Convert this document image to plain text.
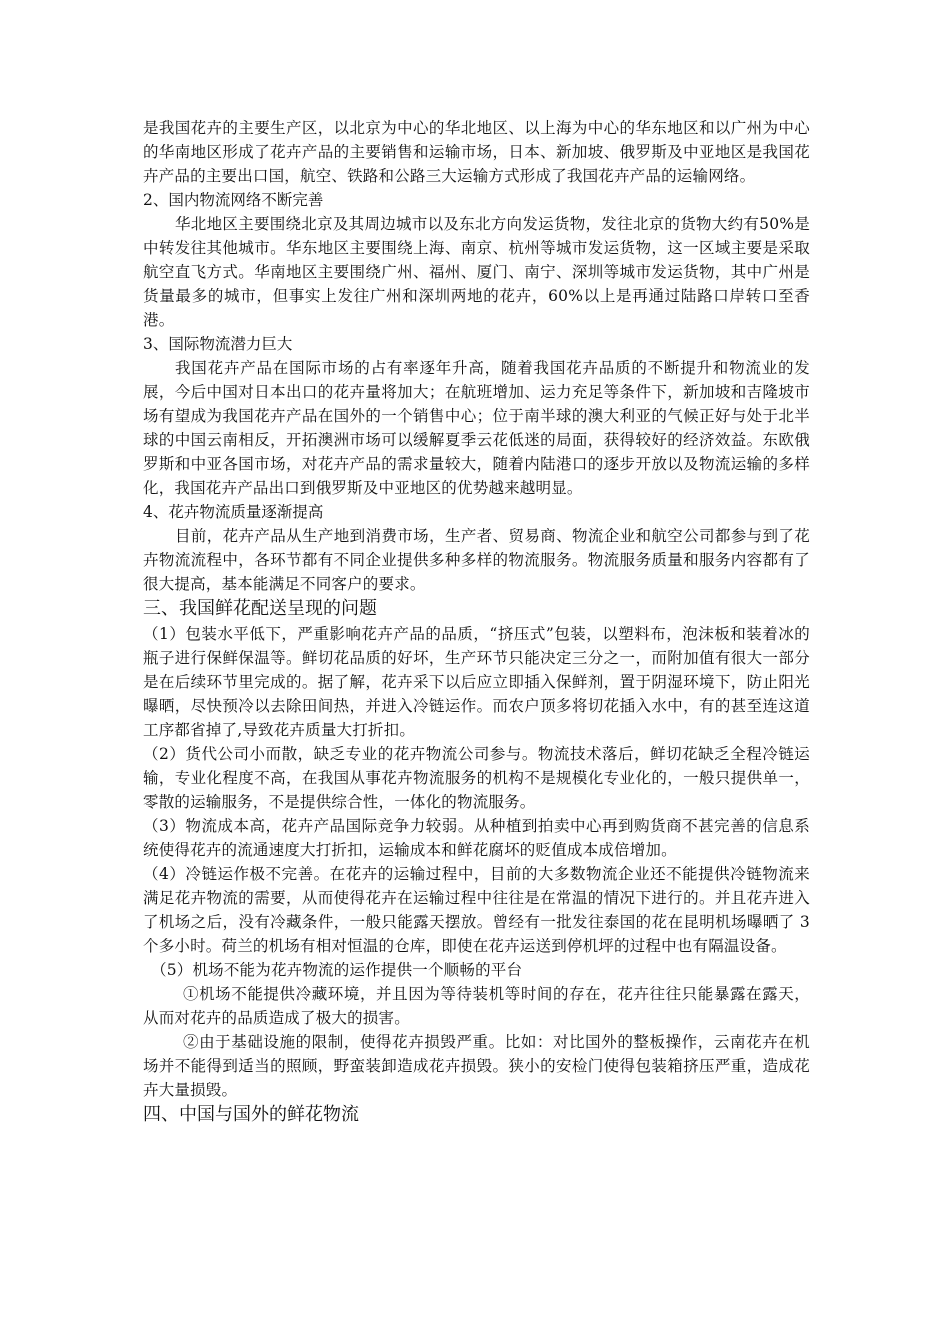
是我国花卉的主要生产区，以北京为中心的华北地区、以上海为中心的华东地区和以广州为中心的华南地区形成了花卉产品的主要销售和运输市场，日本、新加坡、俄罗斯及中亚地区是我国花卉产品的主要出口国，航空、铁路和公路三大运输方式形成了我国花卉产品的运输网络。

2、国内物流网络不断完善

华北地区主要围绕北京及其周边城市以及东北方向发运货物，发往北京的货物大约有50%是中转发往其他城市。华东地区主要围绕上海、南京、杭州等城市发运货物，这一区域主要是采取航空直飞方式。华南地区主要围绕广州、福州、厦门、南宁、深圳等城市发运货物，其中广州是货量最多的城市，但事实上发往广州和深圳两地的花卉，60%以上是再通过陆路口岸转口至香港。

3、国际物流潜力巨大

我国花卉产品在国际市场的占有率逐年升高，随着我国花卉品质的不断提升和物流业的发展，今后中国对日本出口的花卉量将加大；在航班增加、运力充足等条件下，新加坡和吉隆坡市场有望成为我国花卉产品在国外的一个销售中心；位于南半球的澳大利亚的气候正好与处于北半球的中国云南相反，开拓澳洲市场可以缓解夏季云花低迷的局面，获得较好的经济效益。东欧俄罗斯和中亚各国市场，对花卉产品的需求量较大，随着内陆港口的逐步开放以及物流运输的多样化，我国花卉产品出口到俄罗斯及中亚地区的优势越来越明显。

4、花卉物流质量逐渐提高

目前，花卉产品从生产地到消费市场，生产者、贸易商、物流企业和航空公司都参与到了花卉物流流程中，各环节都有不同企业提供多种多样的物流服务。物流服务质量和服务内容都有了很大提高，基本能满足不同客户的要求。

三、我国鲜花配送呈现的问题

（1）包装水平低下，严重影响花卉产品的品质，“挤压式”包装，以塑料布，泡沫板和装着冰的瓶子进行保鲜保温等。鲜切花品质的好坏，生产环节只能决定三分之一，而附加值有很大一部分是在后续环节里完成的。据了解，花卉采下以后应立即插入保鲜剂，置于阴湿环境下，防止阳光曝晒，尽快预冷以去除田间热，并进入冷链运作。而农户顶多将切花插入水中，有的甚至连这道工序都省掉了,导致花卉质量大打折扣。

（2）货代公司小而散，缺乏专业的花卉物流公司参与。物流技术落后，鲜切花缺乏全程冷链运输，专业化程度不高，在我国从事花卉物流服务的机构不是规模化专业化的，一般只提供单一，零散的运输服务，不是提供综合性，一体化的物流服务。

（3）物流成本高，花卉产品国际竞争力较弱。从种植到拍卖中心再到购货商不甚完善的信息系统使得花卉的流通速度大打折扣，运输成本和鲜花腐坏的贬值成本成倍增加。

（4）冷链运作极不完善。在花卉的运输过程中，目前的大多数物流企业还不能提供冷链物流来满足花卉物流的需要，从而使得花卉在运输过程中往往是在常温的情况下进行的。并且花卉进入了机场之后，没有冷藏条件，一般只能露天摆放。曾经有一批发往泰国的花在昆明机场曝晒了 3 个多小时。荷兰的机场有相对恒温的仓库，即使在花卉运送到停机坪的过程中也有隔温设备。

（5）机场不能为花卉物流的运作提供一个顺畅的平台

①机场不能提供冷藏环境，并且因为等待装机等时间的存在，花卉往往只能暴露在露天，从而对花卉的品质造成了极大的损害。

②由于基础设施的限制，使得花卉损毁严重。比如：对比国外的整板操作，云南花卉在机场并不能得到适当的照顾，野蛮装卸造成花卉损毁。狭小的安检门使得包装箱挤压严重，造成花卉大量损毁。

四、中国与国外的鲜花物流
